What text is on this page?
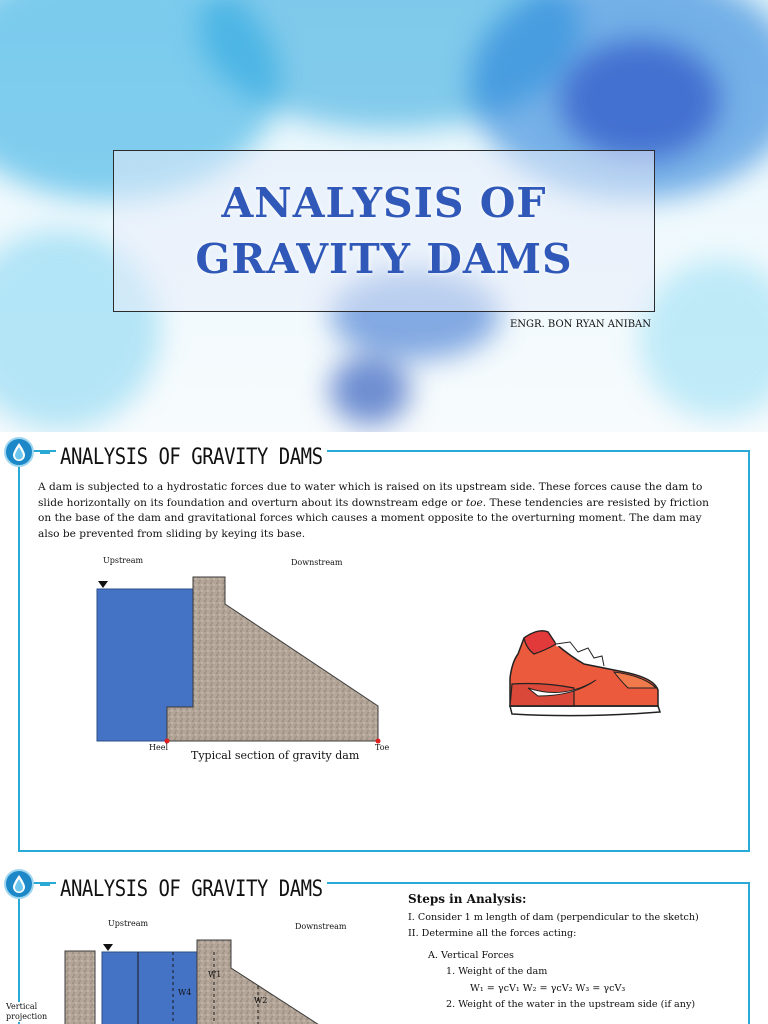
ANALYSIS OF GRAVITY DAMS
ENGR. BON RYAN ANIBAN
ANALYSIS OF GRAVITY DAMS
A dam is subjected to a hydrostatic forces due to water which is raised on its upstream side. These forces cause the dam to slide horizontally on its foundation and overturn about its downstream edge or toe. These tendencies are resisted by friction on the base of the dam and gravitational forces which causes a moment opposite to the overturning moment. The dam may also be prevented from sliding by keying its base.
Upstream	Downstream
Heel	Toe
Typical section of gravity dam
ANALYSIS OF GRAVITY DAMS
Upstream	Downstream
W4
W1
W2
Vertical projection
Steps in Analysis:
I. Consider 1 m length of dam (perpendicular to the sketch)
II. Determine all the forces acting:
A. Vertical Forces
1. Weight of the dam
W₁ = γcV₁ W₂ = γcV₂ W₃ = γcV₃
2. Weight of the water in the upstream side (if any)
